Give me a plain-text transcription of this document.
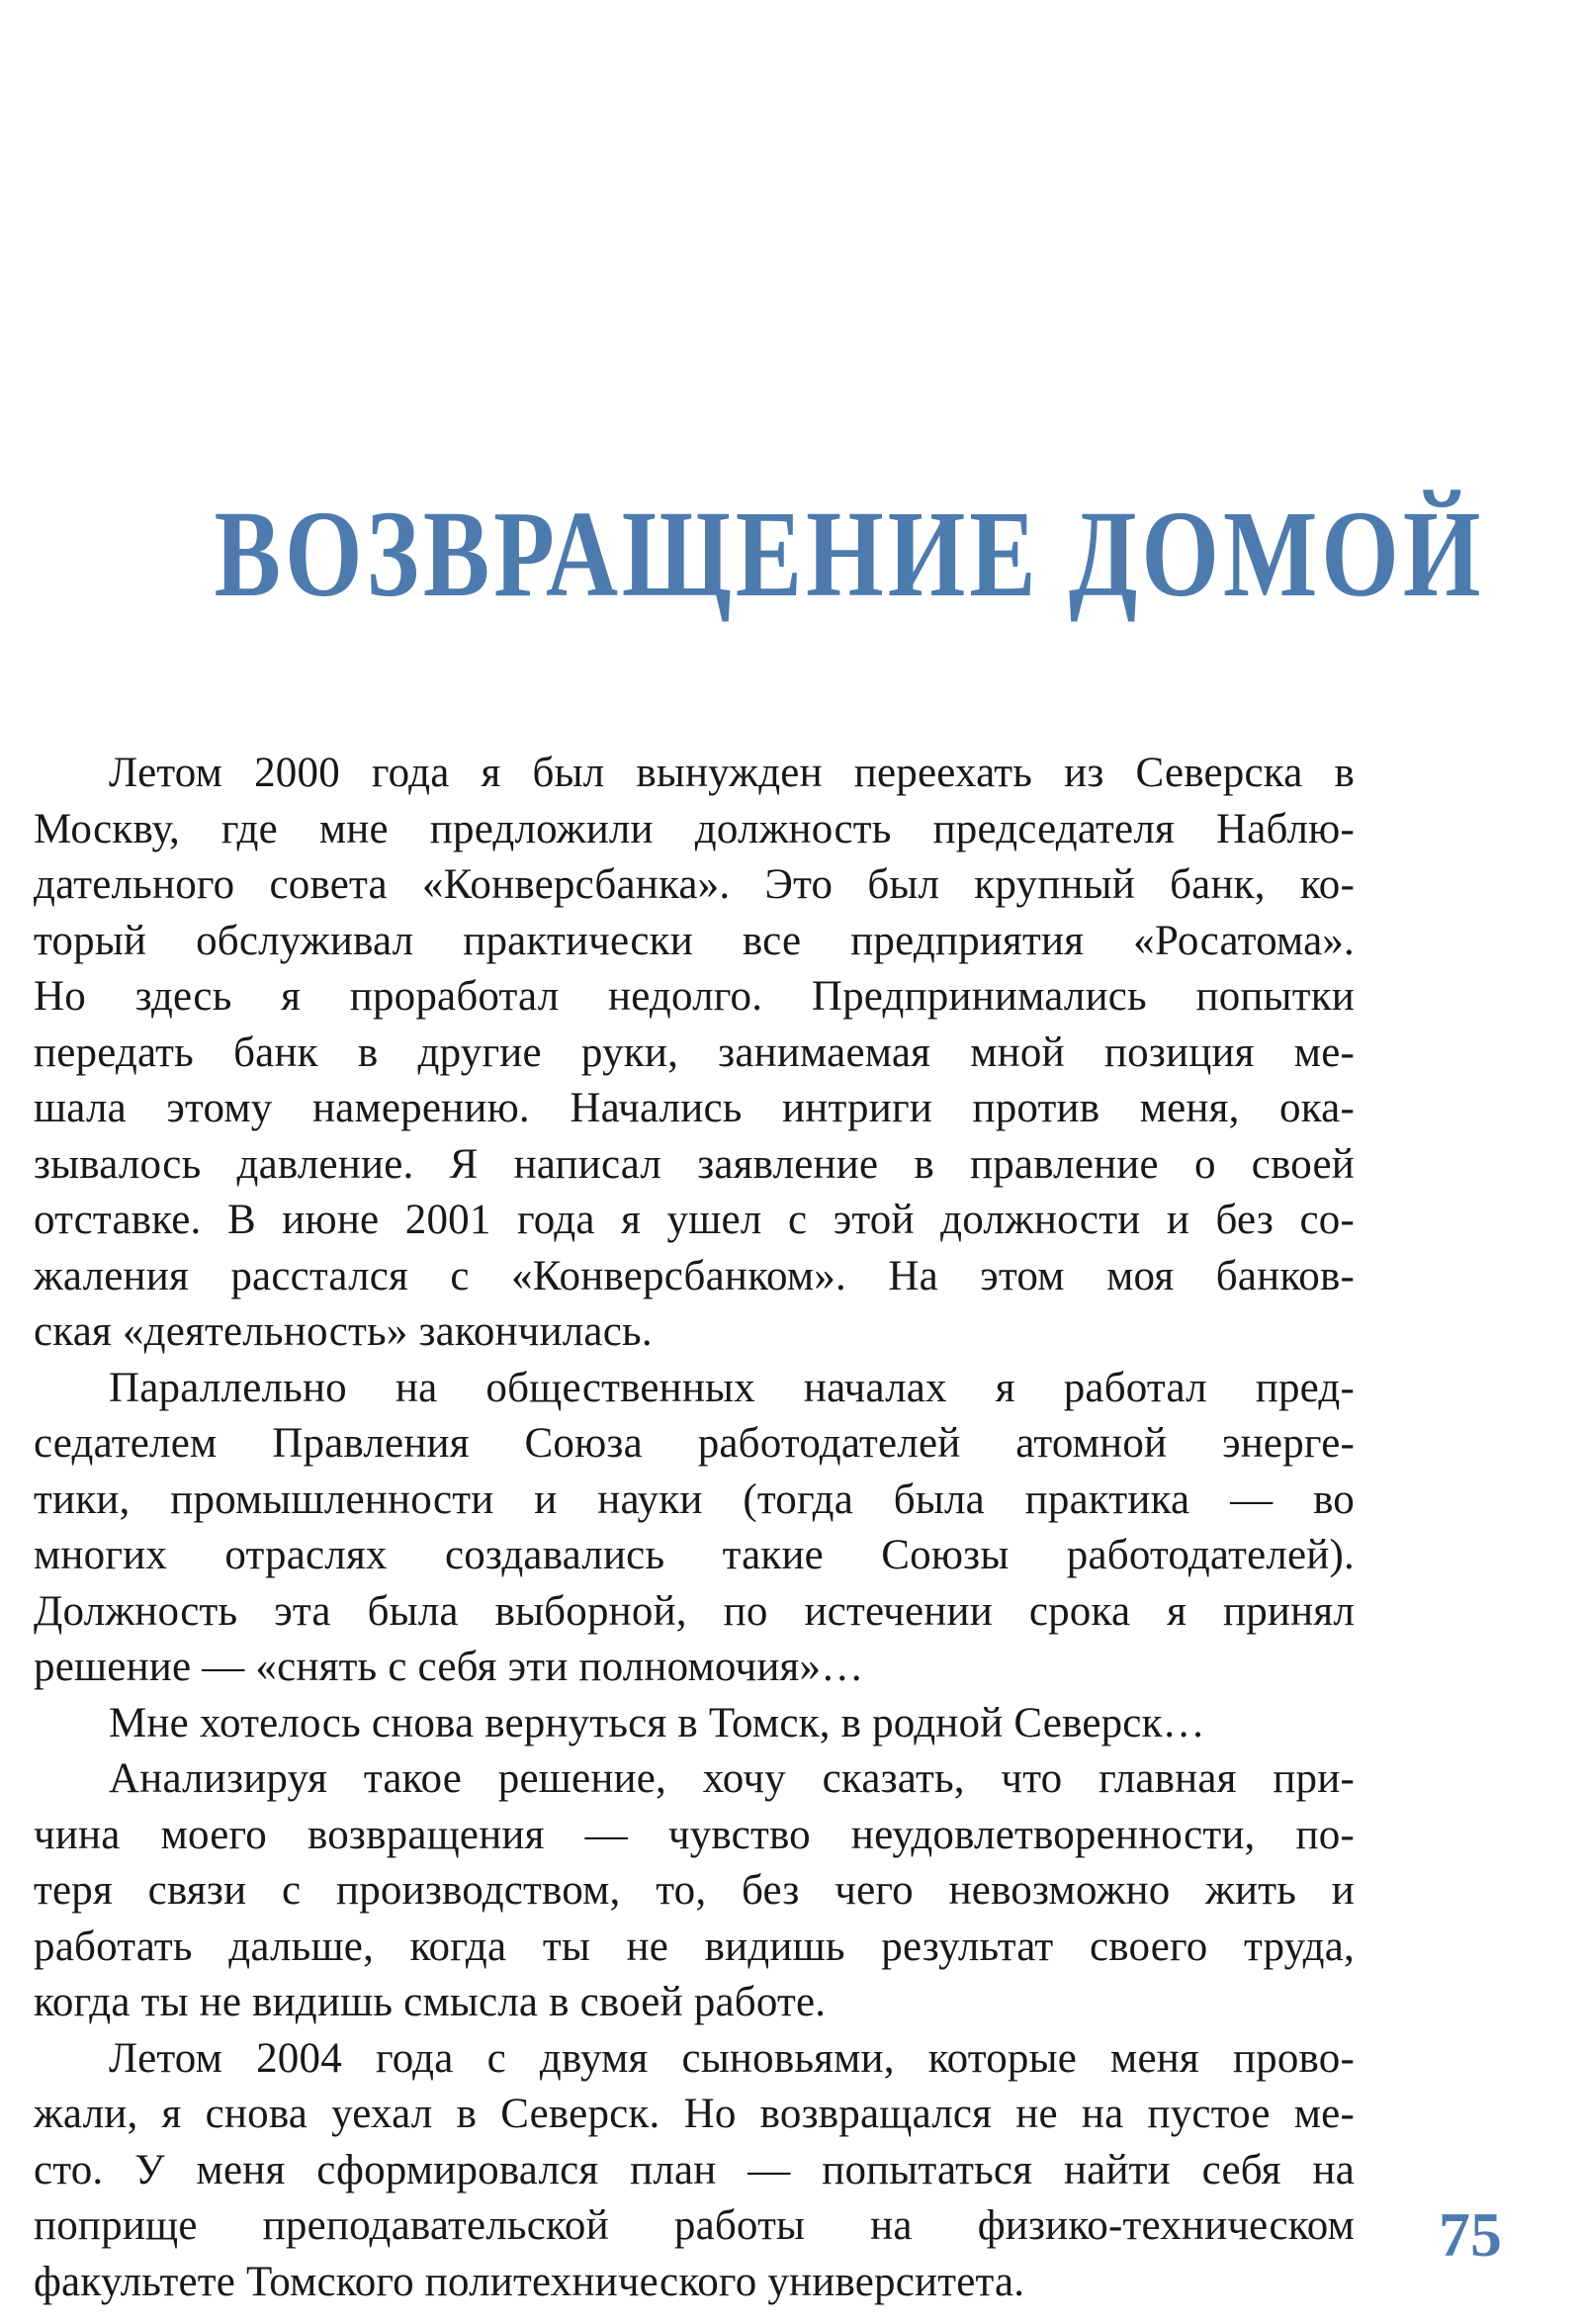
ВОЗВРАЩЕНИЕ ДОМОЙ
Летом 2000 года я был вынужден переехать из Северска в
Москву, где мне предложили должность председателя Наблю-
дательного совета «Конверсбанка». Это был крупный банк, ко-
торый обслуживал практически все предприятия «Росатома».
Но здесь я проработал недолго. Предпринимались попытки
передать банк в другие руки, занимаемая мной позиция ме-
шала этому намерению. Начались интриги против меня, ока-
зывалось давление. Я написал заявление в правление о своей
отставке. В июне 2001 года я ушел с этой должности и без со-
жаления расстался с «Конверсбанком». На этом моя банков-
ская «деятельность» закончилась.
Параллельно на общественных началах я работал пред-
седателем Правления Союза работодателей атомной энерге-
тики, промышленности и науки (тогда была практика — во
многих отраслях создавались такие Союзы работодателей).
Должность эта была выборной, по истечении срока я принял
решение — «снять с себя эти полномочия»…
Мне хотелось снова вернуться в Томск, в родной Северск…
Анализируя такое решение, хочу сказать, что главная при-
чина моего возвращения — чувство неудовлетворенности, по-
теря связи с производством, то, без чего невозможно жить и
работать дальше, когда ты не видишь результат своего труда,
когда ты не видишь смысла в своей работе.
Летом 2004 года с двумя сыновьями, которые меня прово-
жали, я снова уехал в Северск. Но возвращался не на пустое ме-
сто. У меня сформировался план — попытаться найти себя на
поприще преподавательской работы на физико-техническом
факультете Томского политехнического университета.
75
